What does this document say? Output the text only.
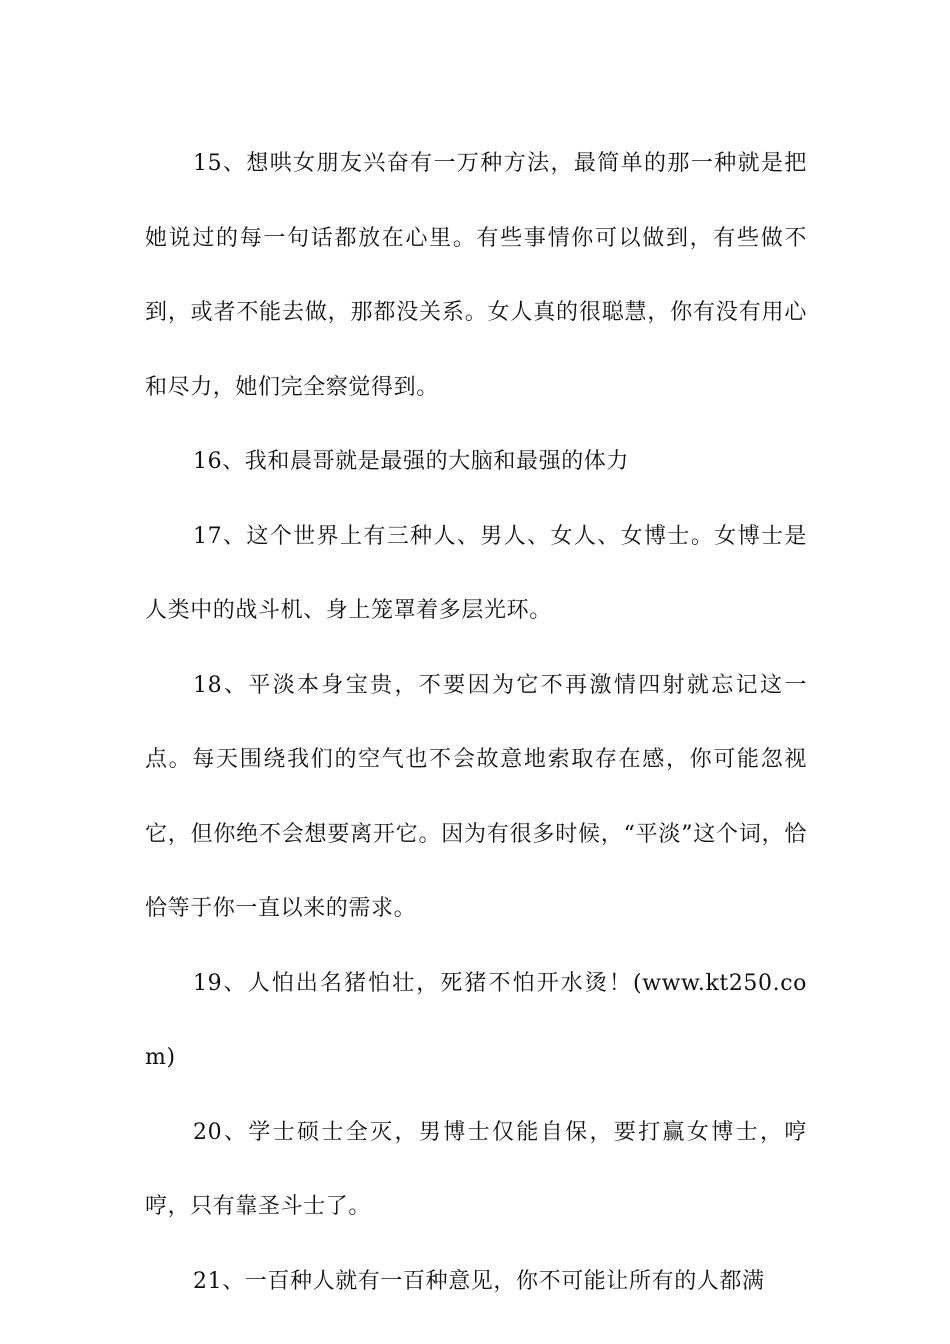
15、想哄女朋友兴奋有一万种方法，最简单的那一种就是把她说过的每一句话都放在心里。有些事情你可以做到，有些做不到，或者不能去做，那都没关系。女人真的很聪慧，你有没有用心和尽力，她们完全察觉得到。

16、我和晨哥就是最强的大脑和最强的体力

17、这个世界上有三种人、男人、女人、女博士。女博士是人类中的战斗机、身上笼罩着多层光环。

18、平淡本身宝贵，不要因为它不再激情四射就忘记这一点。每天围绕我们的空气也不会故意地索取存在感，你可能忽视它，但你绝不会想要离开它。因为有很多时候，“平淡”这个词，恰恰等于你一直以来的需求。

19、人怕出名猪怕壮，死猪不怕开水烫！(www.kt250.com)

20、学士硕士全灭，男博士仅能自保，要打赢女博士，哼哼，只有靠圣斗士了。

21、一百种人就有一百种意见，你不可能让所有的人都满
